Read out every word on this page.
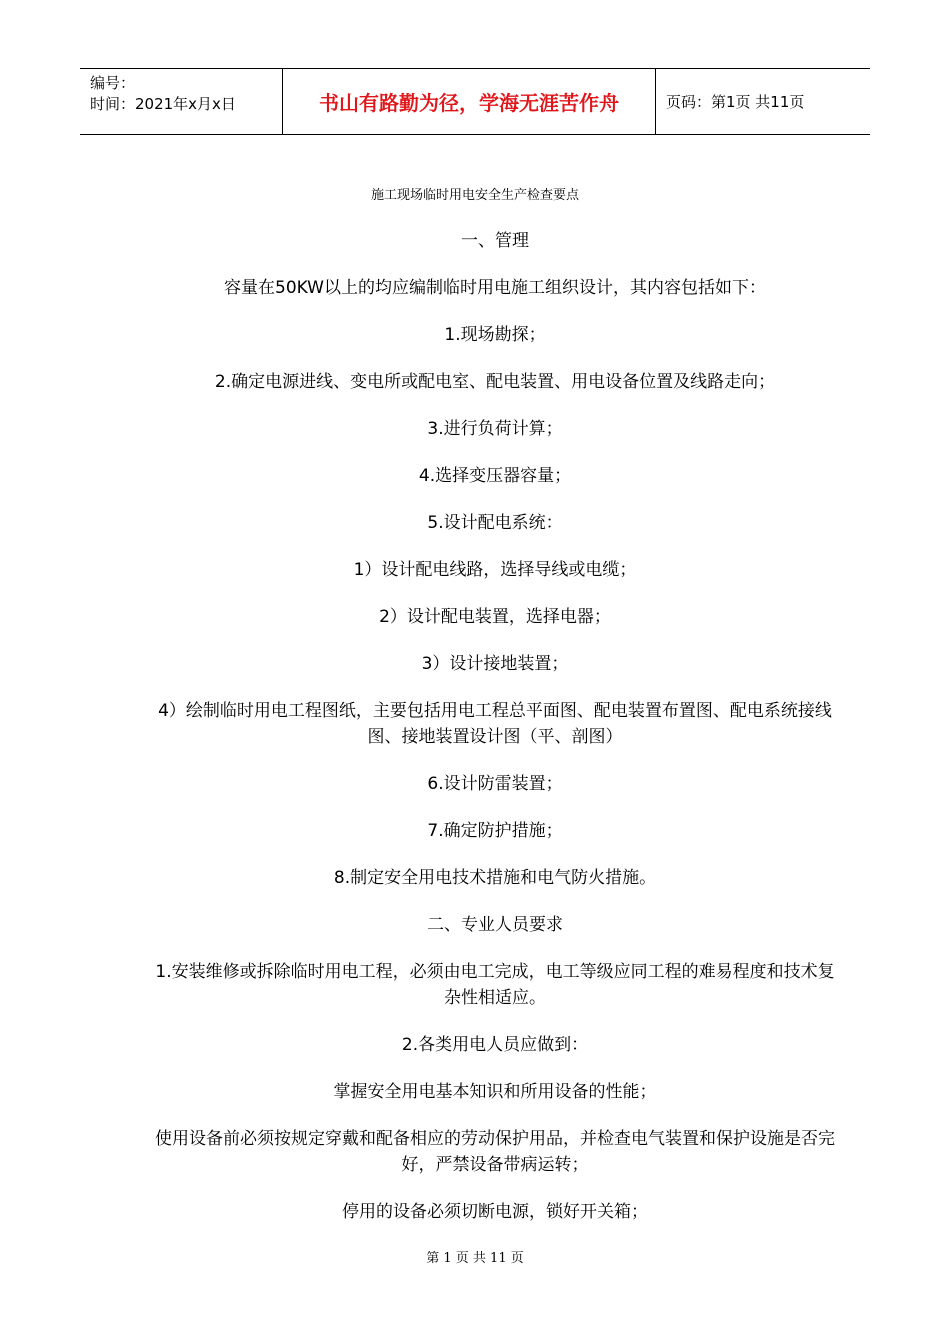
编号：
时间：2021年x月x日	书山有路勤为径，学海无涯苦作舟	页码：第1页 共11页
施工现场临时用电安全生产检查要点

一、管理

容量在50KW以上的均应编制临时用电施工组织设计，其内容包括如下：

1.现场勘探；

2.确定电源进线、变电所或配电室、配电装置、用电设备位置及线路走向；

3.进行负荷计算；

4.选择变压器容量；

5.设计配电系统：

1）设计配电线路，选择导线或电缆；

2）设计配电装置，选择电器；

3）设计接地装置；

4）绘制临时用电工程图纸，主要包括用电工程总平面图、配电装置布置图、配电系统接线图、接地装置设计图（平、剖图）

6.设计防雷装置；

7.确定防护措施；

8.制定安全用电技术措施和电气防火措施。

二、专业人员要求

1.安装维修或拆除临时用电工程，必须由电工完成，电工等级应同工程的难易程度和技术复杂性相适应。

2.各类用电人员应做到：

掌握安全用电基本知识和所用设备的性能；

使用设备前必须按规定穿戴和配备相应的劳动保护用品，并检查电气装置和保护设施是否完好，严禁设备带病运转；

停用的设备必须切断电源，锁好开关箱；

第 1 页 共 11 页
